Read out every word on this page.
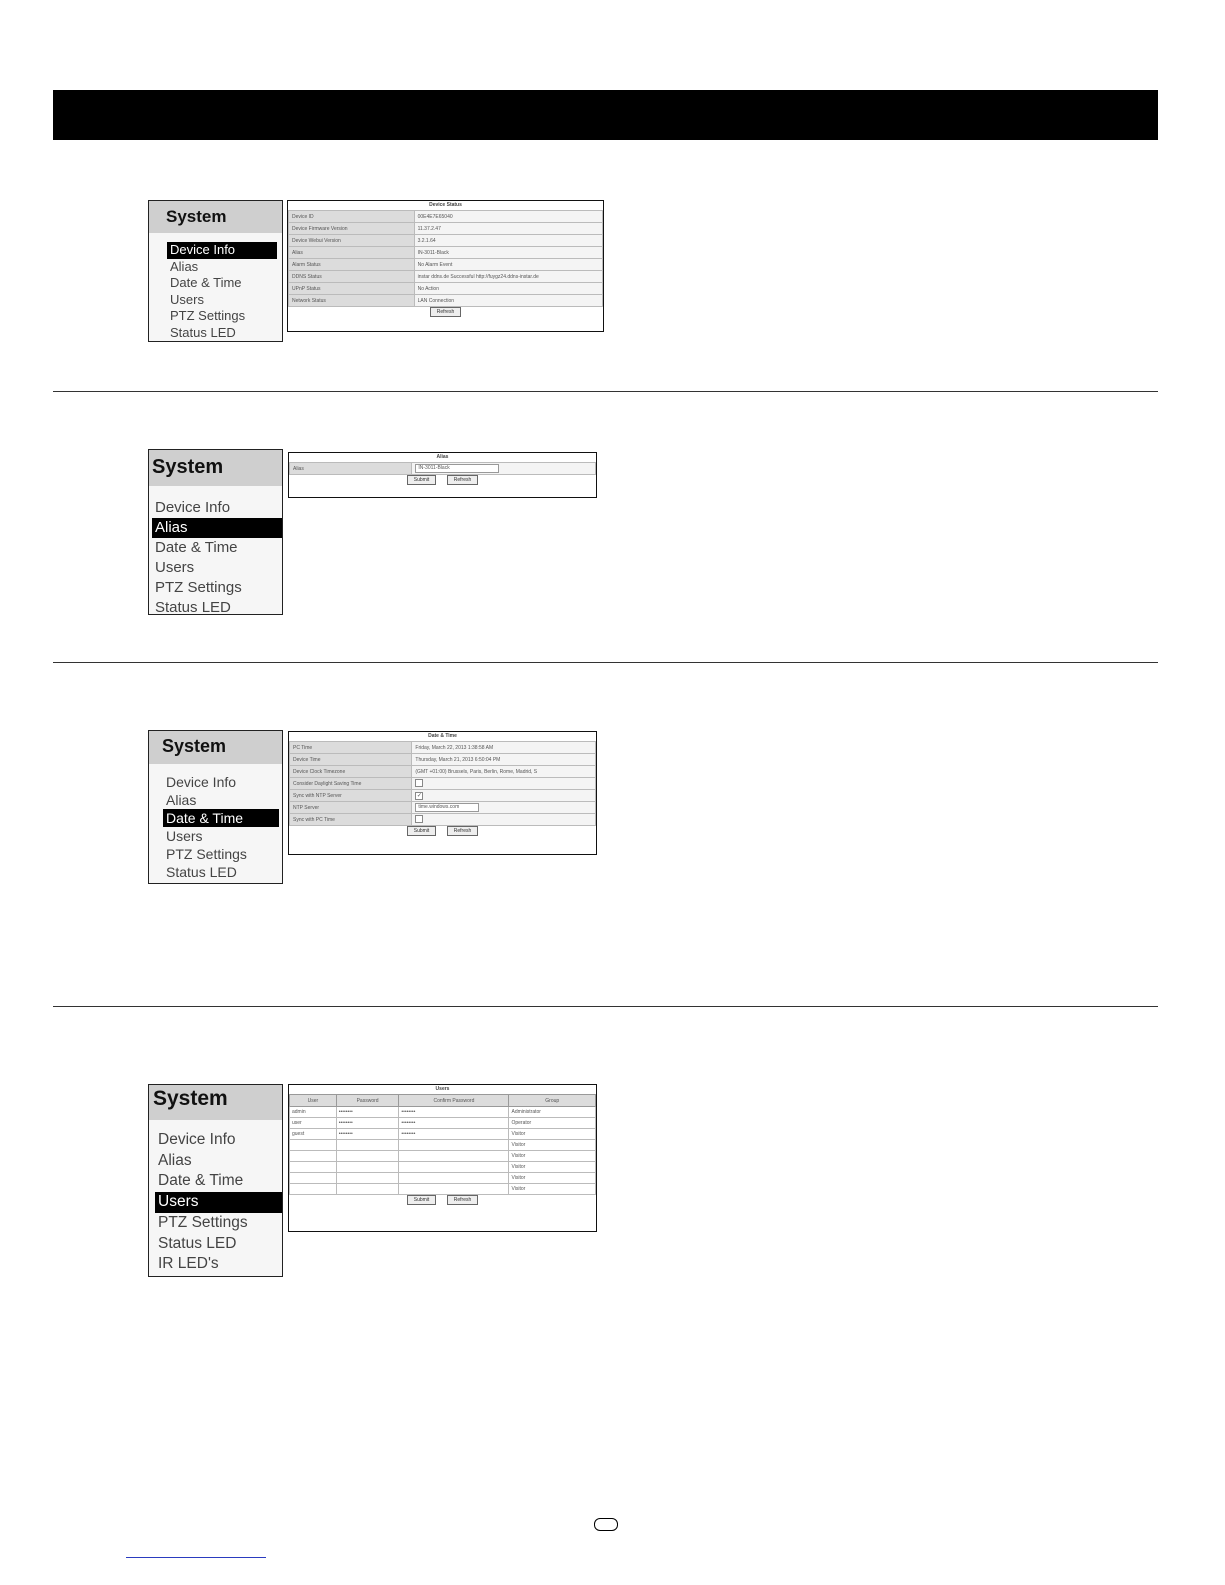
System
Device Info
Alias
Date & Time
Users
PTZ Settings
Status LED
Device Status
Device ID	00E4E7E65040
Device Firmware Version	11.37.2.47
Device Webui Version	3.2.1.64
Alias	IN-3011-Black
Alarm Status	No Alarm Event
DDNS Status	instar ddns.de Successful http://fuygz24.ddns-instar.de
UPnP Status	No Action
Network Status	LAN Connection
Refresh
System
Device Info
Alias
Date & Time
Users
PTZ Settings
Status LED
Alias
Alias	IN-3011-Black
Submit	Refresh
System
Device Info
Alias
Date & Time
Users
PTZ Settings
Status LED
Date & Time
PC Time	Friday, March 22, 2013 1:38:58 AM
Device Time	Thursday, March 21, 2013 6:50:04 PM
Device Clock Timezone	(GMT +01:00) Brussels, Paris, Berlin, Rome, Madrid, S
Consider Daylight Saving Time	
Sync with NTP Server	✓
NTP Server	time.windows.com
Sync with PC Time	
Submit	Refresh
System
Device Info
Alias
Date & Time
Users
PTZ Settings
Status LED
IR LED's
Users
User	Password	Confirm Password	Group
admin	••••••••	••••••••	Administrator
user	••••••••	••••••••	Operator
guest	••••••••	••••••••	Visitor
			Visitor
			Visitor
			Visitor
			Visitor
			Visitor
Submit	Refresh
